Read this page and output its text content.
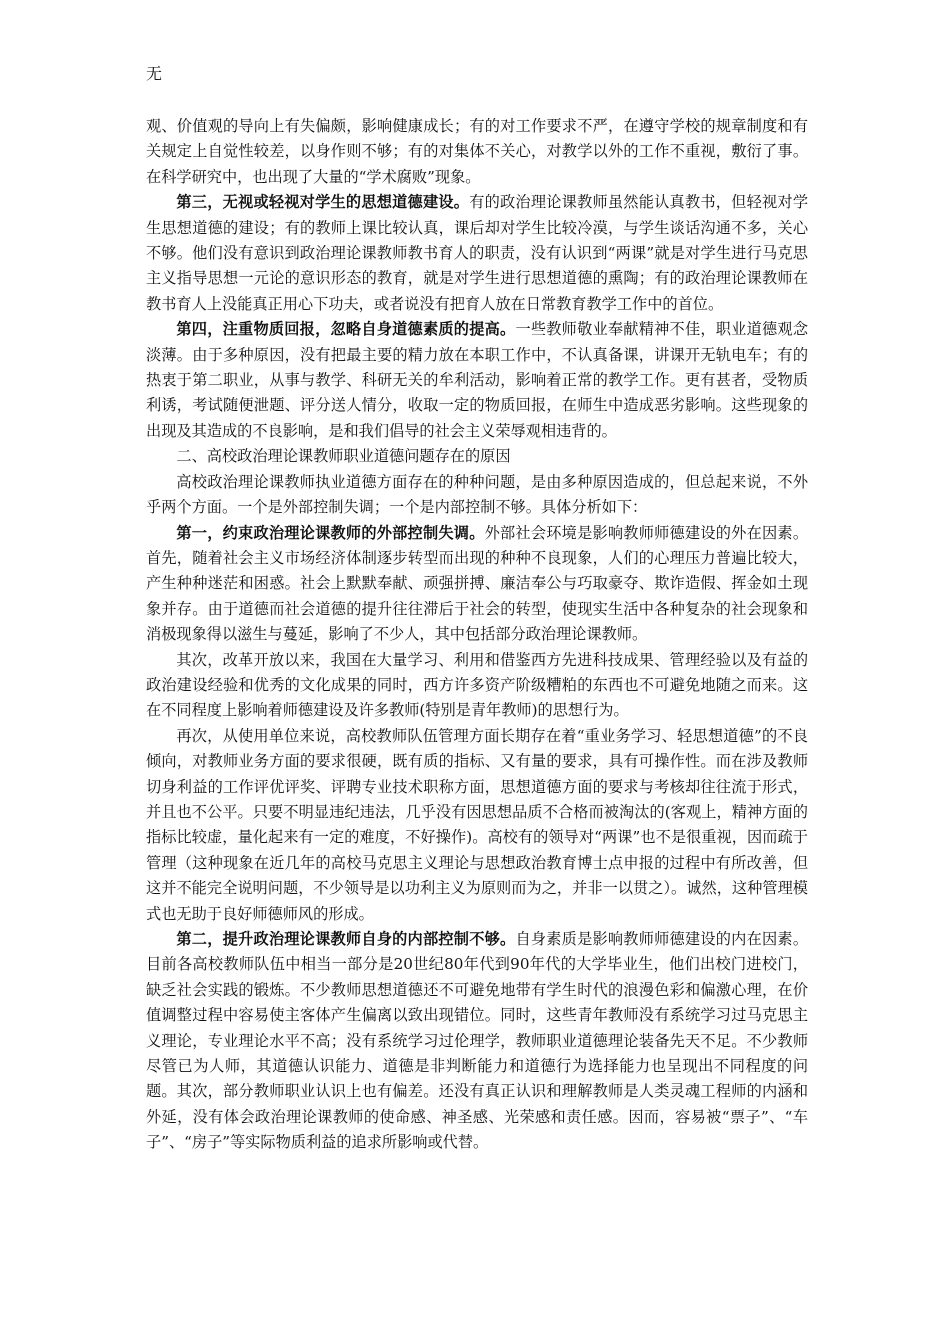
无

观、价值观的导向上有失偏颇，影响健康成长；有的对工作要求不严，在遵守学校的规章制度和有关规定上自觉性较差，以身作则不够；有的对集体不关心，对教学以外的工作不重视，敷衍了事。在科学研究中，也出现了大量的“学术腐败”现象。

第三，无视或轻视对学生的思想道德建设。有的政治理论课教师虽然能认真教书，但轻视对学生思想道德的建设；有的教师上课比较认真，课后却对学生比较冷漠，与学生谈话沟通不多，关心不够。他们没有意识到政治理论课教师教书育人的职责，没有认识到“两课”就是对学生进行马克思主义指导思想一元论的意识形态的教育，就是对学生进行思想道德的熏陶；有的政治理论课教师在教书育人上没能真正用心下功夫，或者说没有把育人放在日常教育教学工作中的首位。

第四，注重物质回报，忽略自身道德素质的提高。一些教师敬业奉献精神不佳，职业道德观念淡薄。由于多种原因，没有把最主要的精力放在本职工作中，不认真备课，讲课开无轨电车；有的热衷于第二职业，从事与教学、科研无关的牟利活动，影响着正常的教学工作。更有甚者，受物质利诱，考试随便泄题、评分送人情分，收取一定的物质回报，在师生中造成恶劣影响。这些现象的出现及其造成的不良影响，是和我们倡导的社会主义荣辱观相违背的。

二、高校政治理论课教师职业道德问题存在的原因

高校政治理论课教师执业道德方面存在的种种问题，是由多种原因造成的，但总起来说，不外乎两个方面。一个是外部控制失调；一个是内部控制不够。具体分析如下：

第一，约束政治理论课教师的外部控制失调。外部社会环境是影响教师师德建设的外在因素。首先，随着社会主义市场经济体制逐步转型而出现的种种不良现象，人们的心理压力普遍比较大，产生种种迷茫和困惑。社会上默默奉献、顽强拼搏、廉洁奉公与巧取豪夺、欺诈造假、挥金如土现象并存。由于道德而社会道德的提升往往滞后于社会的转型，使现实生活中各种复杂的社会现象和消极现象得以滋生与蔓延，影响了不少人，其中包括部分政治理论课教师。

其次，改革开放以来，我国在大量学习、利用和借鉴西方先进科技成果、管理经验以及有益的政治建设经验和优秀的文化成果的同时，西方许多资产阶级糟粕的东西也不可避免地随之而来。这在不同程度上影响着师德建设及许多教师(特别是青年教师)的思想行为。

再次，从使用单位来说，高校教师队伍管理方面长期存在着“重业务学习、轻思想道德”的不良倾向，对教师业务方面的要求很硬，既有质的指标、又有量的要求，具有可操作性。而在涉及教师切身利益的工作评优评奖、评聘专业技术职称方面，思想道德方面的要求与考核却往往流于形式，并且也不公平。只要不明显违纪违法，几乎没有因思想品质不合格而被淘汰的(客观上，精神方面的指标比较虚，量化起来有一定的难度，不好操作)。高校有的领导对“两课”也不是很重视，因而疏于管理（这种现象在近几年的高校马克思主义理论与思想政治教育博士点申报的过程中有所改善，但这并不能完全说明问题，不少领导是以功利主义为原则而为之，并非一以贯之）。诚然，这种管理模式也无助于良好师德师风的形成。

第二，提升政治理论课教师自身的内部控制不够。自身素质是影响教师师德建设的内在因素。目前各高校教师队伍中相当一部分是20世纪80年代到90年代的大学毕业生，他们出校门进校门，缺乏社会实践的锻炼。不少教师思想道德还不可避免地带有学生时代的浪漫色彩和偏激心理，在价值调整过程中容易使主客体产生偏离以致出现错位。同时，这些青年教师没有系统学习过马克思主义理论，专业理论水平不高；没有系统学习过伦理学，教师职业道德理论装备先天不足。不少教师尽管已为人师，其道德认识能力、道德是非判断能力和道德行为选择能力也呈现出不同程度的问题。其次，部分教师职业认识上也有偏差。还没有真正认识和理解教师是人类灵魂工程师的内涵和外延，没有体会政治理论课教师的使命感、神圣感、光荣感和责任感。因而，容易被“票子”、“车子”、“房子”等实际物质利益的追求所影响或代替。
